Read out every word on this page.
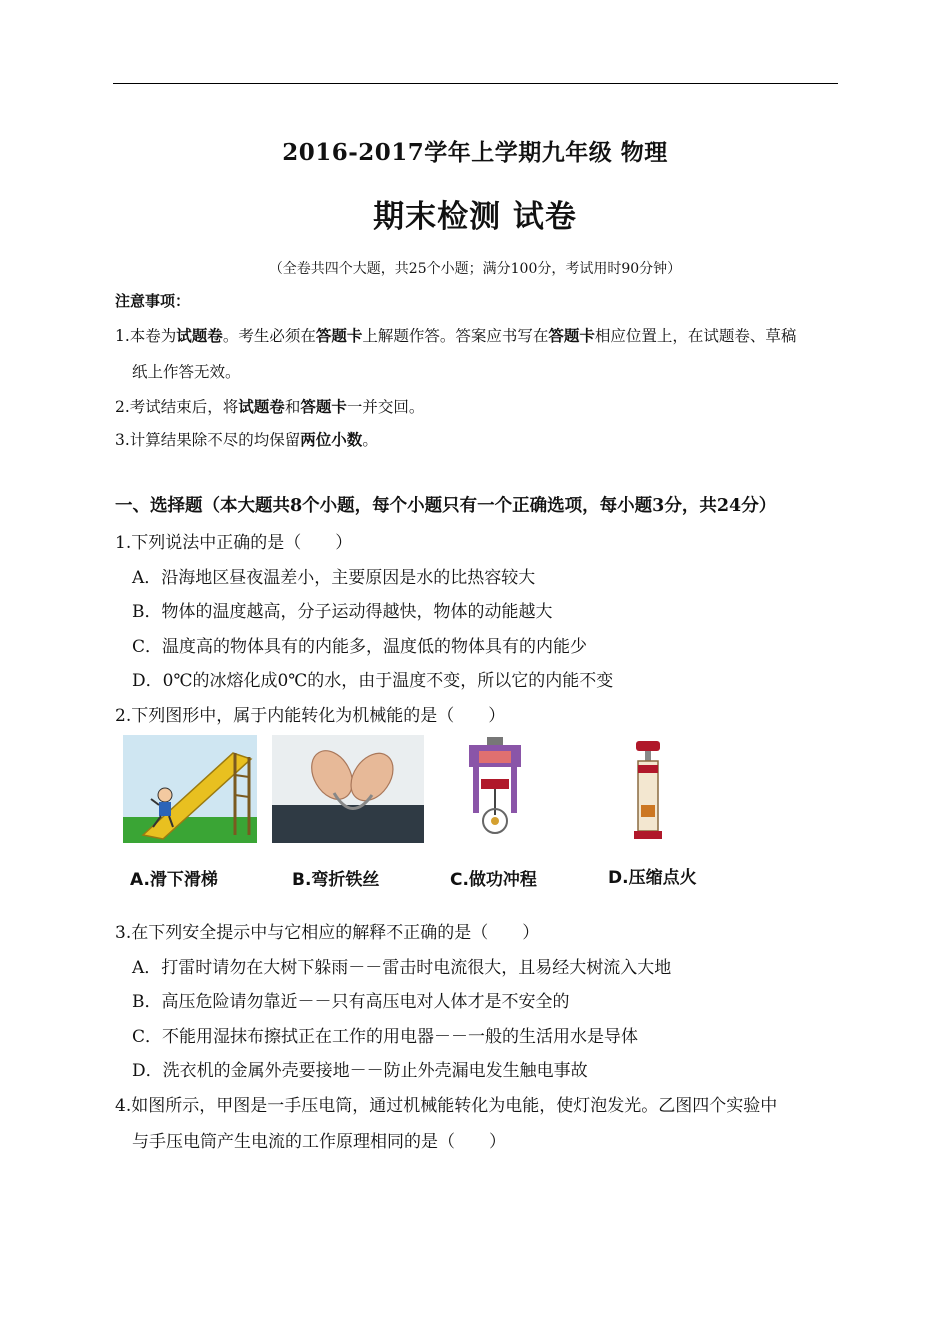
2016-2017学年上学期九年级 物理
期末检测 试卷
（全卷共四个大题，共25个小题；满分100分，考试用时90分钟）
注意事项：
1.本卷为试题卷。考生必须在答题卡上解题作答。答案应书写在答题卡相应位置上，在试题卷、草稿
纸上作答无效。
2.考试结束后，将试题卷和答题卡一并交回。
3.计算结果除不尽的均保留两位小数。
一、选择题（本大题共8个小题，每个小题只有一个正确选项，每小题3分，共24分）
1.下列说法中正确的是（　　）
A．沿海地区昼夜温差小，主要原因是水的比热容较大
B．物体的温度越高，分子运动得越快，物体的动能越大
C．温度高的物体具有的内能多，温度低的物体具有的内能少
D．0℃的冰熔化成0℃的水，由于温度不变，所以它的内能不变
2.下列图形中，属于内能转化为机械能的是（　　）
A.滑下滑梯	B.弯折铁丝	C.做功冲程	D.压缩点火
3.在下列安全提示中与它相应的解释不正确的是（　　）
A．打雷时请勿在大树下躲雨－－雷击时电流很大，且易经大树流入大地
B．高压危险请勿靠近－－只有高压电对人体才是不安全的
C．不能用湿抹布擦拭正在工作的用电器－－一般的生活用水是导体
D．洗衣机的金属外壳要接地－－防止外壳漏电发生触电事故
4.如图所示，甲图是一手压电筒，通过机械能转化为电能，使灯泡发光。乙图四个实验中
与手压电筒产生电流的工作原理相同的是（　　）
